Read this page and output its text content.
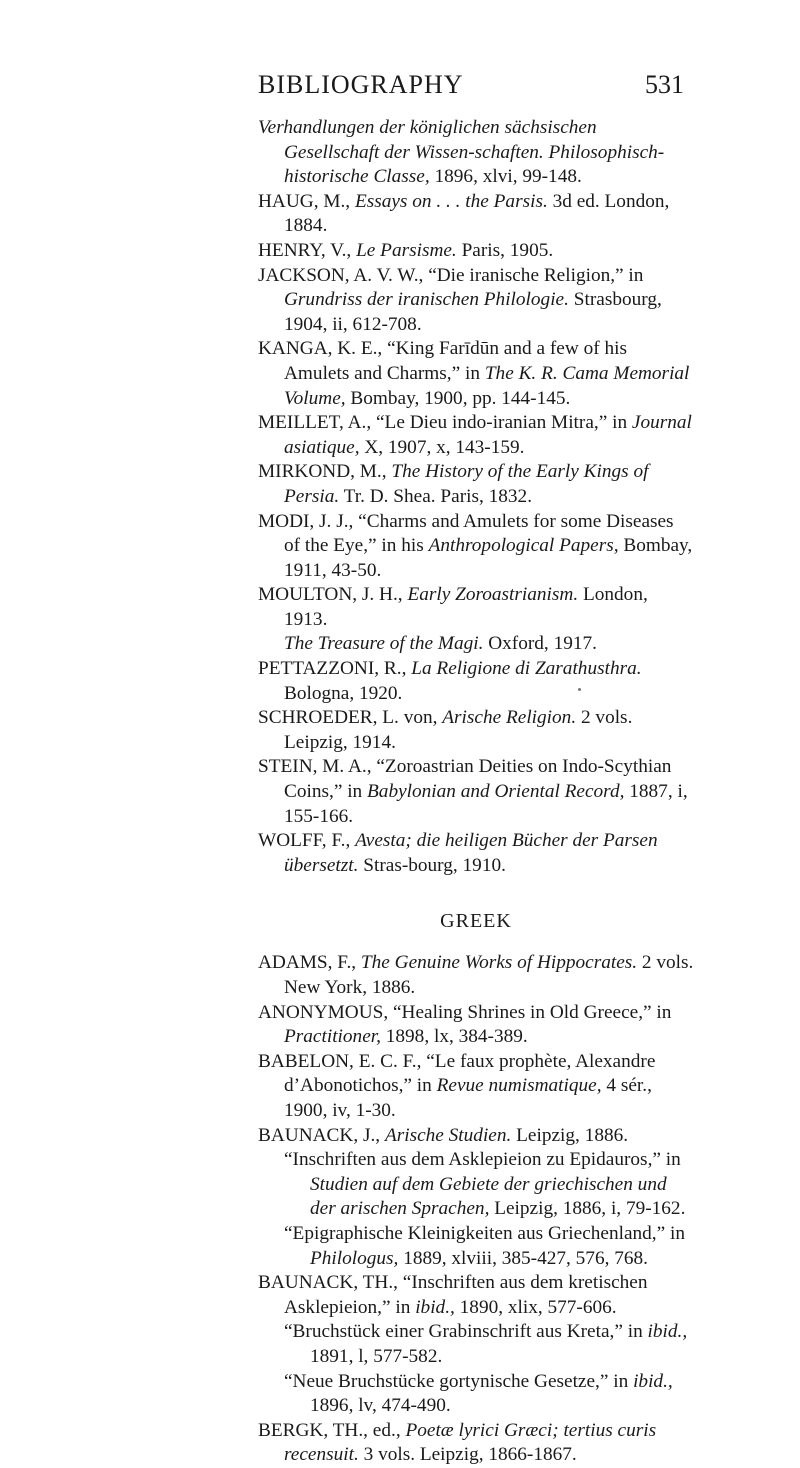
BIBLIOGRAPHY	531

Verhandlungen der königlichen sächsischen Gesellschaft der Wissen-schaften. Philosophisch-historische Classe, 1896, xlvi, 99-148.

HAUG, M., Essays on . . . the Parsis. 3d ed. London, 1884.

HENRY, V., Le Parsisme. Paris, 1905.

JACKSON, A. V. W., “Die iranische Religion,” in Grundriss der iranischen Philologie. Strasbourg, 1904, ii, 612-708.

KANGA, K. E., “King Farīdūn and a few of his Amulets and Charms,” in The K. R. Cama Memorial Volume, Bombay, 1900, pp. 144-145.

MEILLET, A., “Le Dieu indo-iranian Mitra,” in Journal asiatique, X, 1907, x, 143-159.

MIRKOND, M., The History of the Early Kings of Persia. Tr. D. Shea. Paris, 1832.

MODI, J. J., “Charms and Amulets for some Diseases of the Eye,” in his Anthropological Papers, Bombay, 1911, 43-50.

MOULTON, J. H., Early Zoroastrianism. London, 1913.

The Treasure of the Magi. Oxford, 1917.

PETTAZZONI, R., La Religione di Zarathusthra. Bologna, 1920.

SCHROEDER, L. von, Arische Religion. 2 vols. Leipzig, 1914.

STEIN, M. A., “Zoroastrian Deities on Indo-Scythian Coins,” in Babylonian and Oriental Record, 1887, i, 155-166.

WOLFF, F., Avesta; die heiligen Bücher der Parsen übersetzt. Stras-bourg, 1910.

GREEK

ADAMS, F., The Genuine Works of Hippocrates. 2 vols. New York, 1886.

ANONYMOUS, “Healing Shrines in Old Greece,” in Practitioner, 1898, lx, 384-389.

BABELON, E. C. F., “Le faux prophète, Alexandre d’Abonotichos,” in Revue numismatique, 4 sér., 1900, iv, 1-30.

BAUNACK, J., Arische Studien. Leipzig, 1886.

“Inschriften aus dem Asklepieion zu Epidauros,” in Studien auf dem Gebiete der griechischen und der arischen Sprachen, Leipzig, 1886, i, 79-162.

“Epigraphische Kleinigkeiten aus Griechenland,” in Philologus, 1889, xlviii, 385-427, 576, 768.

BAUNACK, TH., “Inschriften aus dem kretischen Asklepieion,” in ibid., 1890, xlix, 577-606.

“Bruchstück einer Grabinschrift aus Kreta,” in ibid., 1891, l, 577-582.

“Neue Bruchstücke gortynische Gesetze,” in ibid., 1896, lv, 474-490.

BERGK, TH., ed., Poetæ lyrici Græci; tertius curis recensuit. 3 vols. Leipzig, 1866-1867.
